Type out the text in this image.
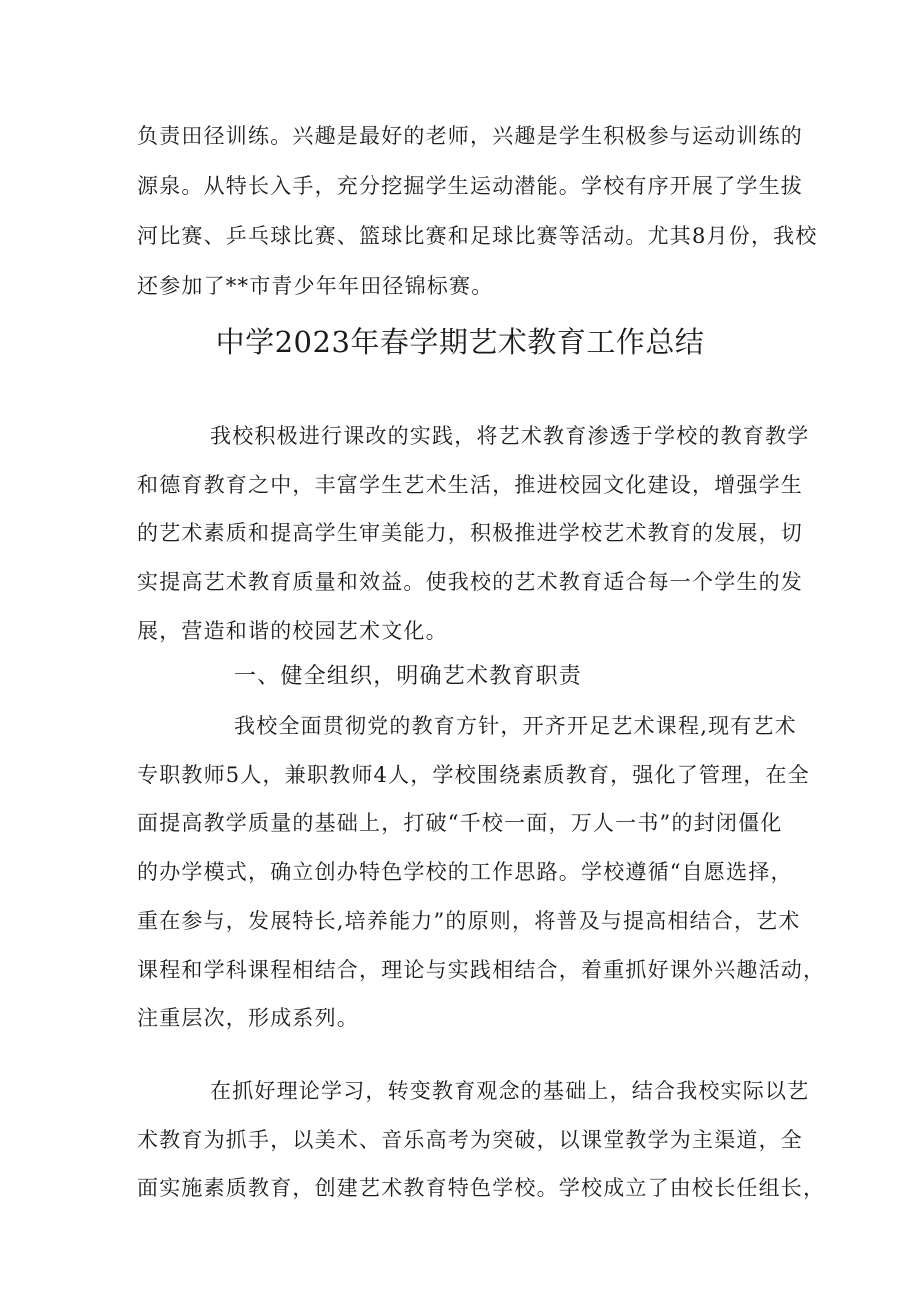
负责田径训练。兴趣是最好的老师，兴趣是学生积极参与运动训练的
源泉。从特长入手，充分挖掘学生运动潜能。学校有序开展了学生拔
河比赛、乒乓球比赛、篮球比赛和足球比赛等活动。尤其8月份，我校
还参加了**市青少年年田径锦标赛。
中学2023年春学期艺术教育工作总结
我校积极进行课改的实践，将艺术教育渗透于学校的教育教学
和德育教育之中，丰富学生艺术生活，推进校园文化建设，增强学生
的艺术素质和提高学生审美能力，积极推进学校艺术教育的发展，切
实提高艺术教育质量和效益。使我校的艺术教育适合每一个学生的发
展，营造和谐的校园艺术文化。
一、健全组织，明确艺术教育职责
我校全面贯彻党的教育方针，开齐开足艺术课程,现有艺术
专职教师5人，兼职教师4人，学校围绕素质教育，强化了管理，在全
面提高教学质量的基础上，打破“千校一面，万人一书”的封闭僵化
的办学模式，确立创办特色学校的工作思路。学校遵循“自愿选择，
重在参与，发展特长,培养能力”的原则，将普及与提高相结合，艺术
课程和学科课程相结合，理论与实践相结合，着重抓好课外兴趣活动，
注重层次，形成系列。
在抓好理论学习，转变教育观念的基础上，结合我校实际以艺
术教育为抓手，以美术、音乐高考为突破，以课堂教学为主渠道，全
面实施素质教育，创建艺术教育特色学校。学校成立了由校长任组长，
